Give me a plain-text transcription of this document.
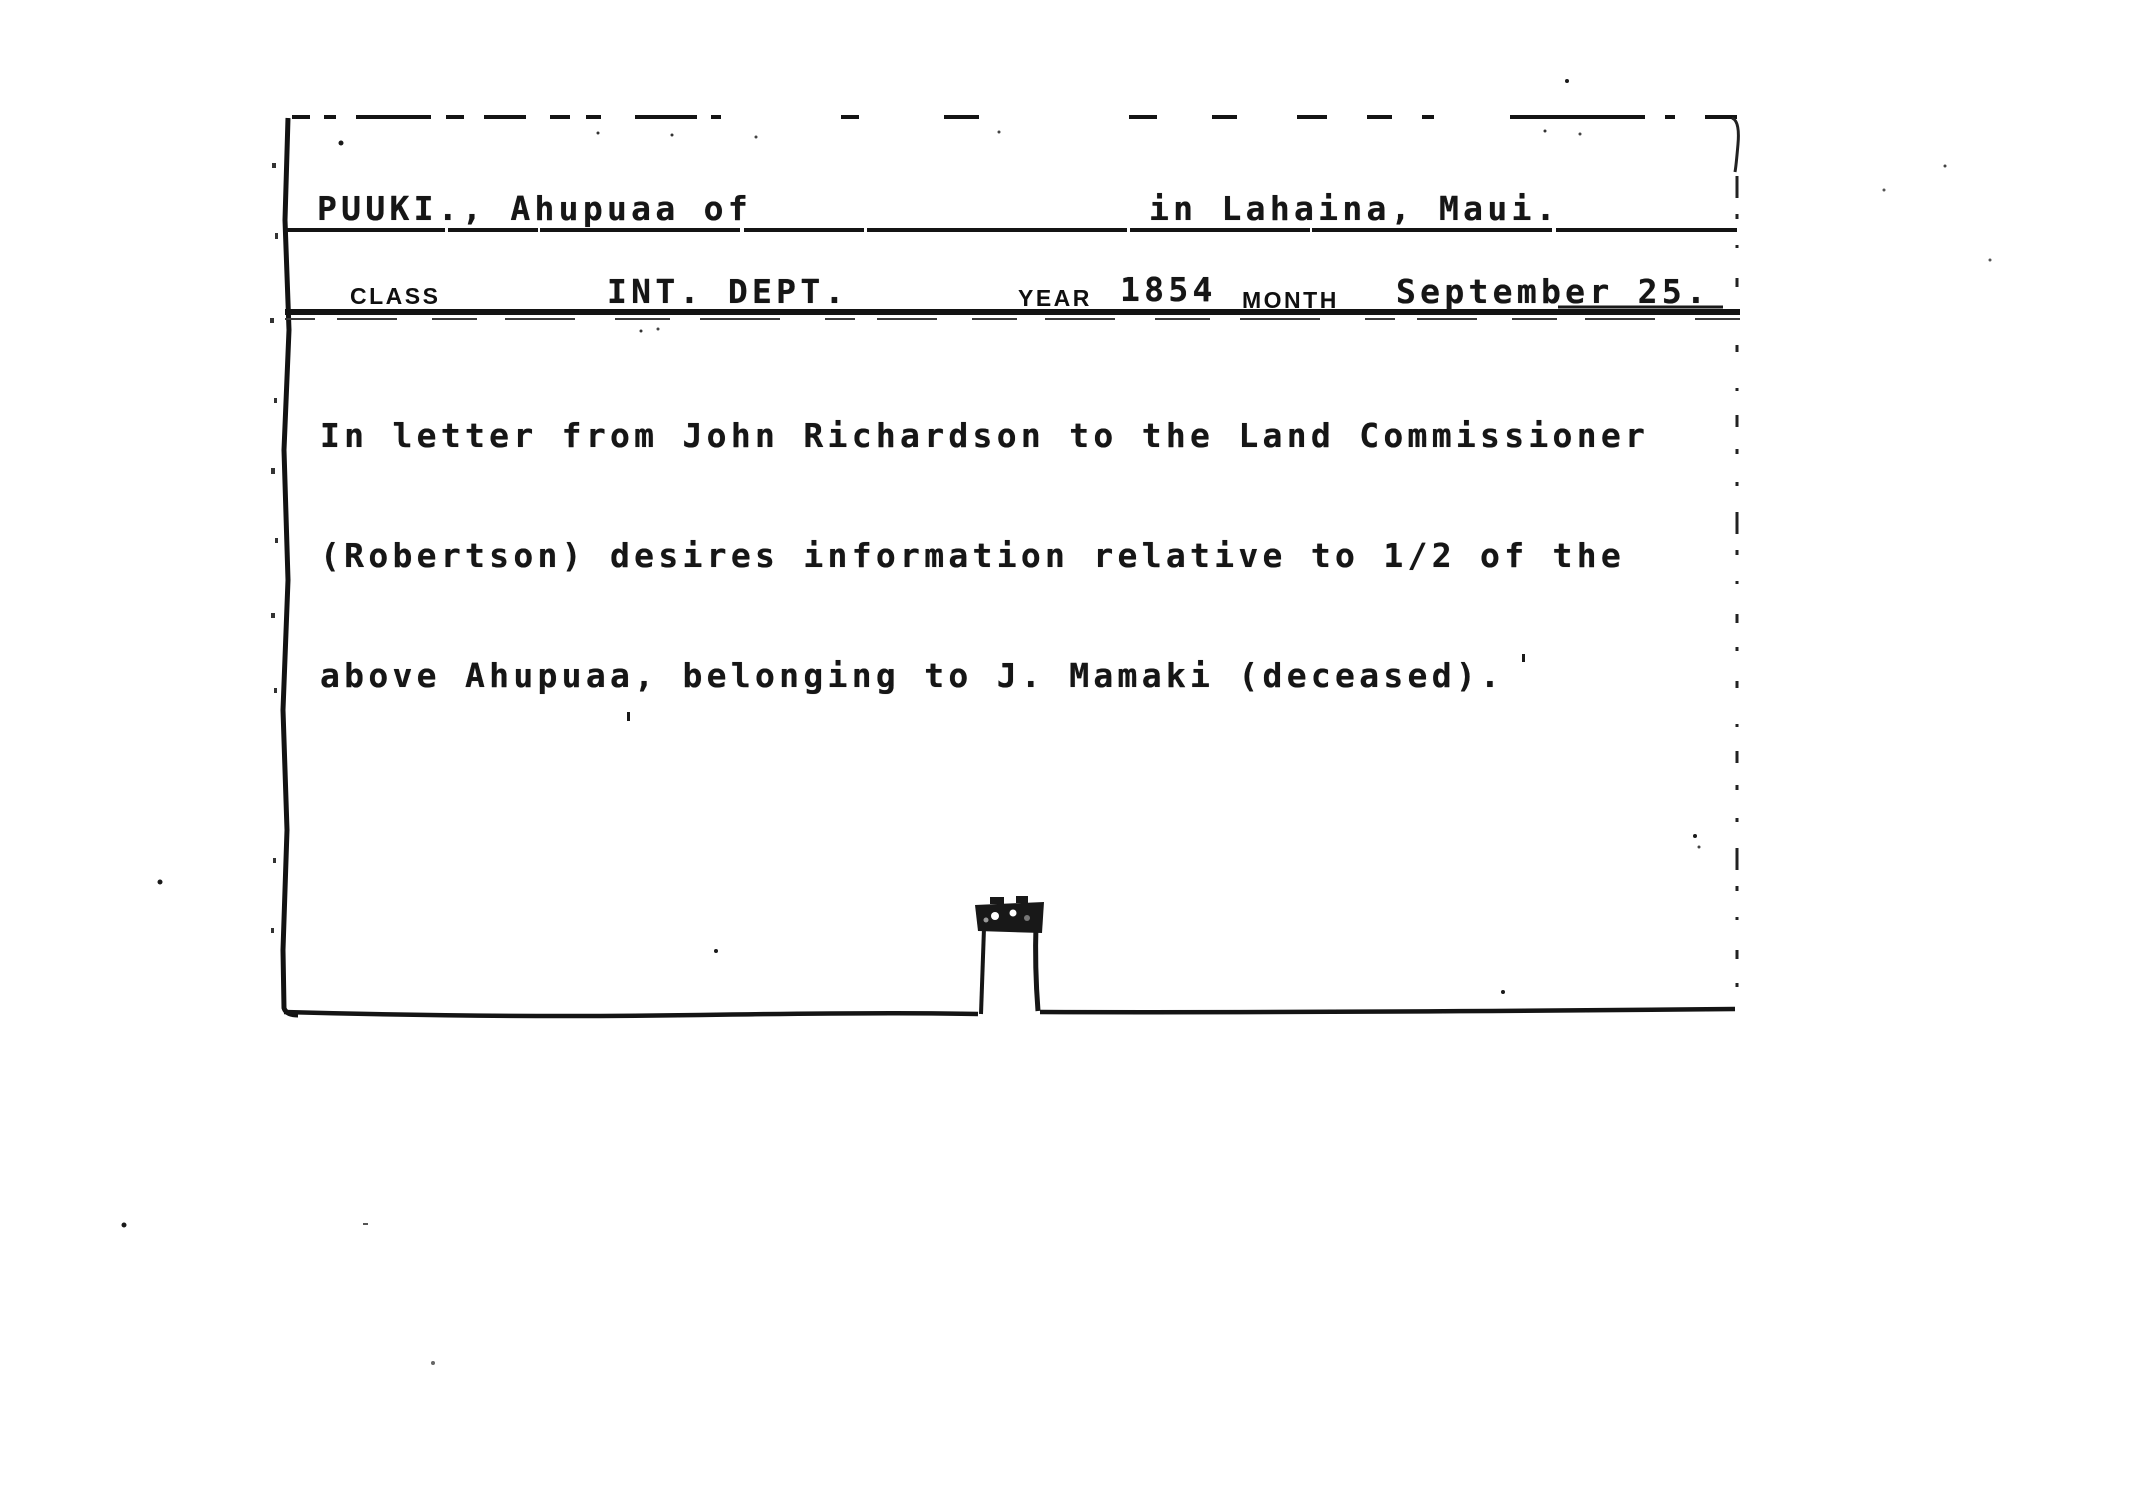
PUUKI., Ahupuaa of	in Lahaina, Maui.
CLASS	INT. DEPT.	YEAR 1854 MONTH September 25.

In letter from John Richardson to the Land Commissioner

(Robertson) desires information relative to 1/2 of the

above Ahupuaa, belonging to J. Mamaki (deceased).
